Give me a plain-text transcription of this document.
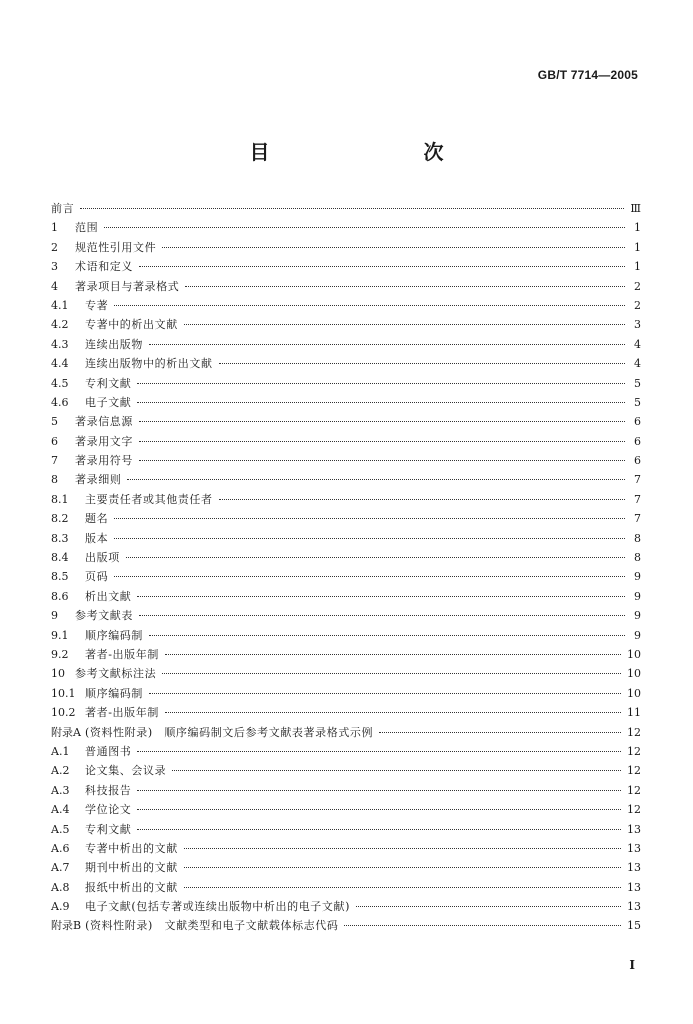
GB/T 7714—2005
目　　次
前言	Ⅲ
1	范围	1
2	规范性引用文件	1
3	术语和定义	1
4	著录项目与著录格式	2
4.1	专著	2
4.2	专著中的析出文献	3
4.3	连续出版物	4
4.4	连续出版物中的析出文献	4
4.5	专利文献	5
4.6	电子文献	5
5	著录信息源	6
6	著录用文字	6
7	著录用符号	6
8	著录细则	7
8.1	主要责任者或其他责任者	7
8.2	题名	7
8.3	版本	8
8.4	出版项	8
8.5	页码	9
8.6	析出文献	9
9	参考文献表	9
9.1	顺序编码制	9
9.2	著者-出版年制	10
10 参考文献标注法	10
10.1 顺序编码制	10
10.2 著者-出版年制	11
附录A (资料性附录)　顺序编码制文后参考文献表著录格式示例	12
A.1	普通图书	12
A.2	论文集、会议录	12
A.3	科技报告	12
A.4	学位论文	12
A.5	专利文献	13
A.6	专著中析出的文献	13
A.7	期刊中析出的文献	13
A.8	报纸中析出的文献	13
A.9	电子文献(包括专著或连续出版物中析出的电子文献)	13
附录B (资料性附录)　文献类型和电子文献载体标志代码	15
I
